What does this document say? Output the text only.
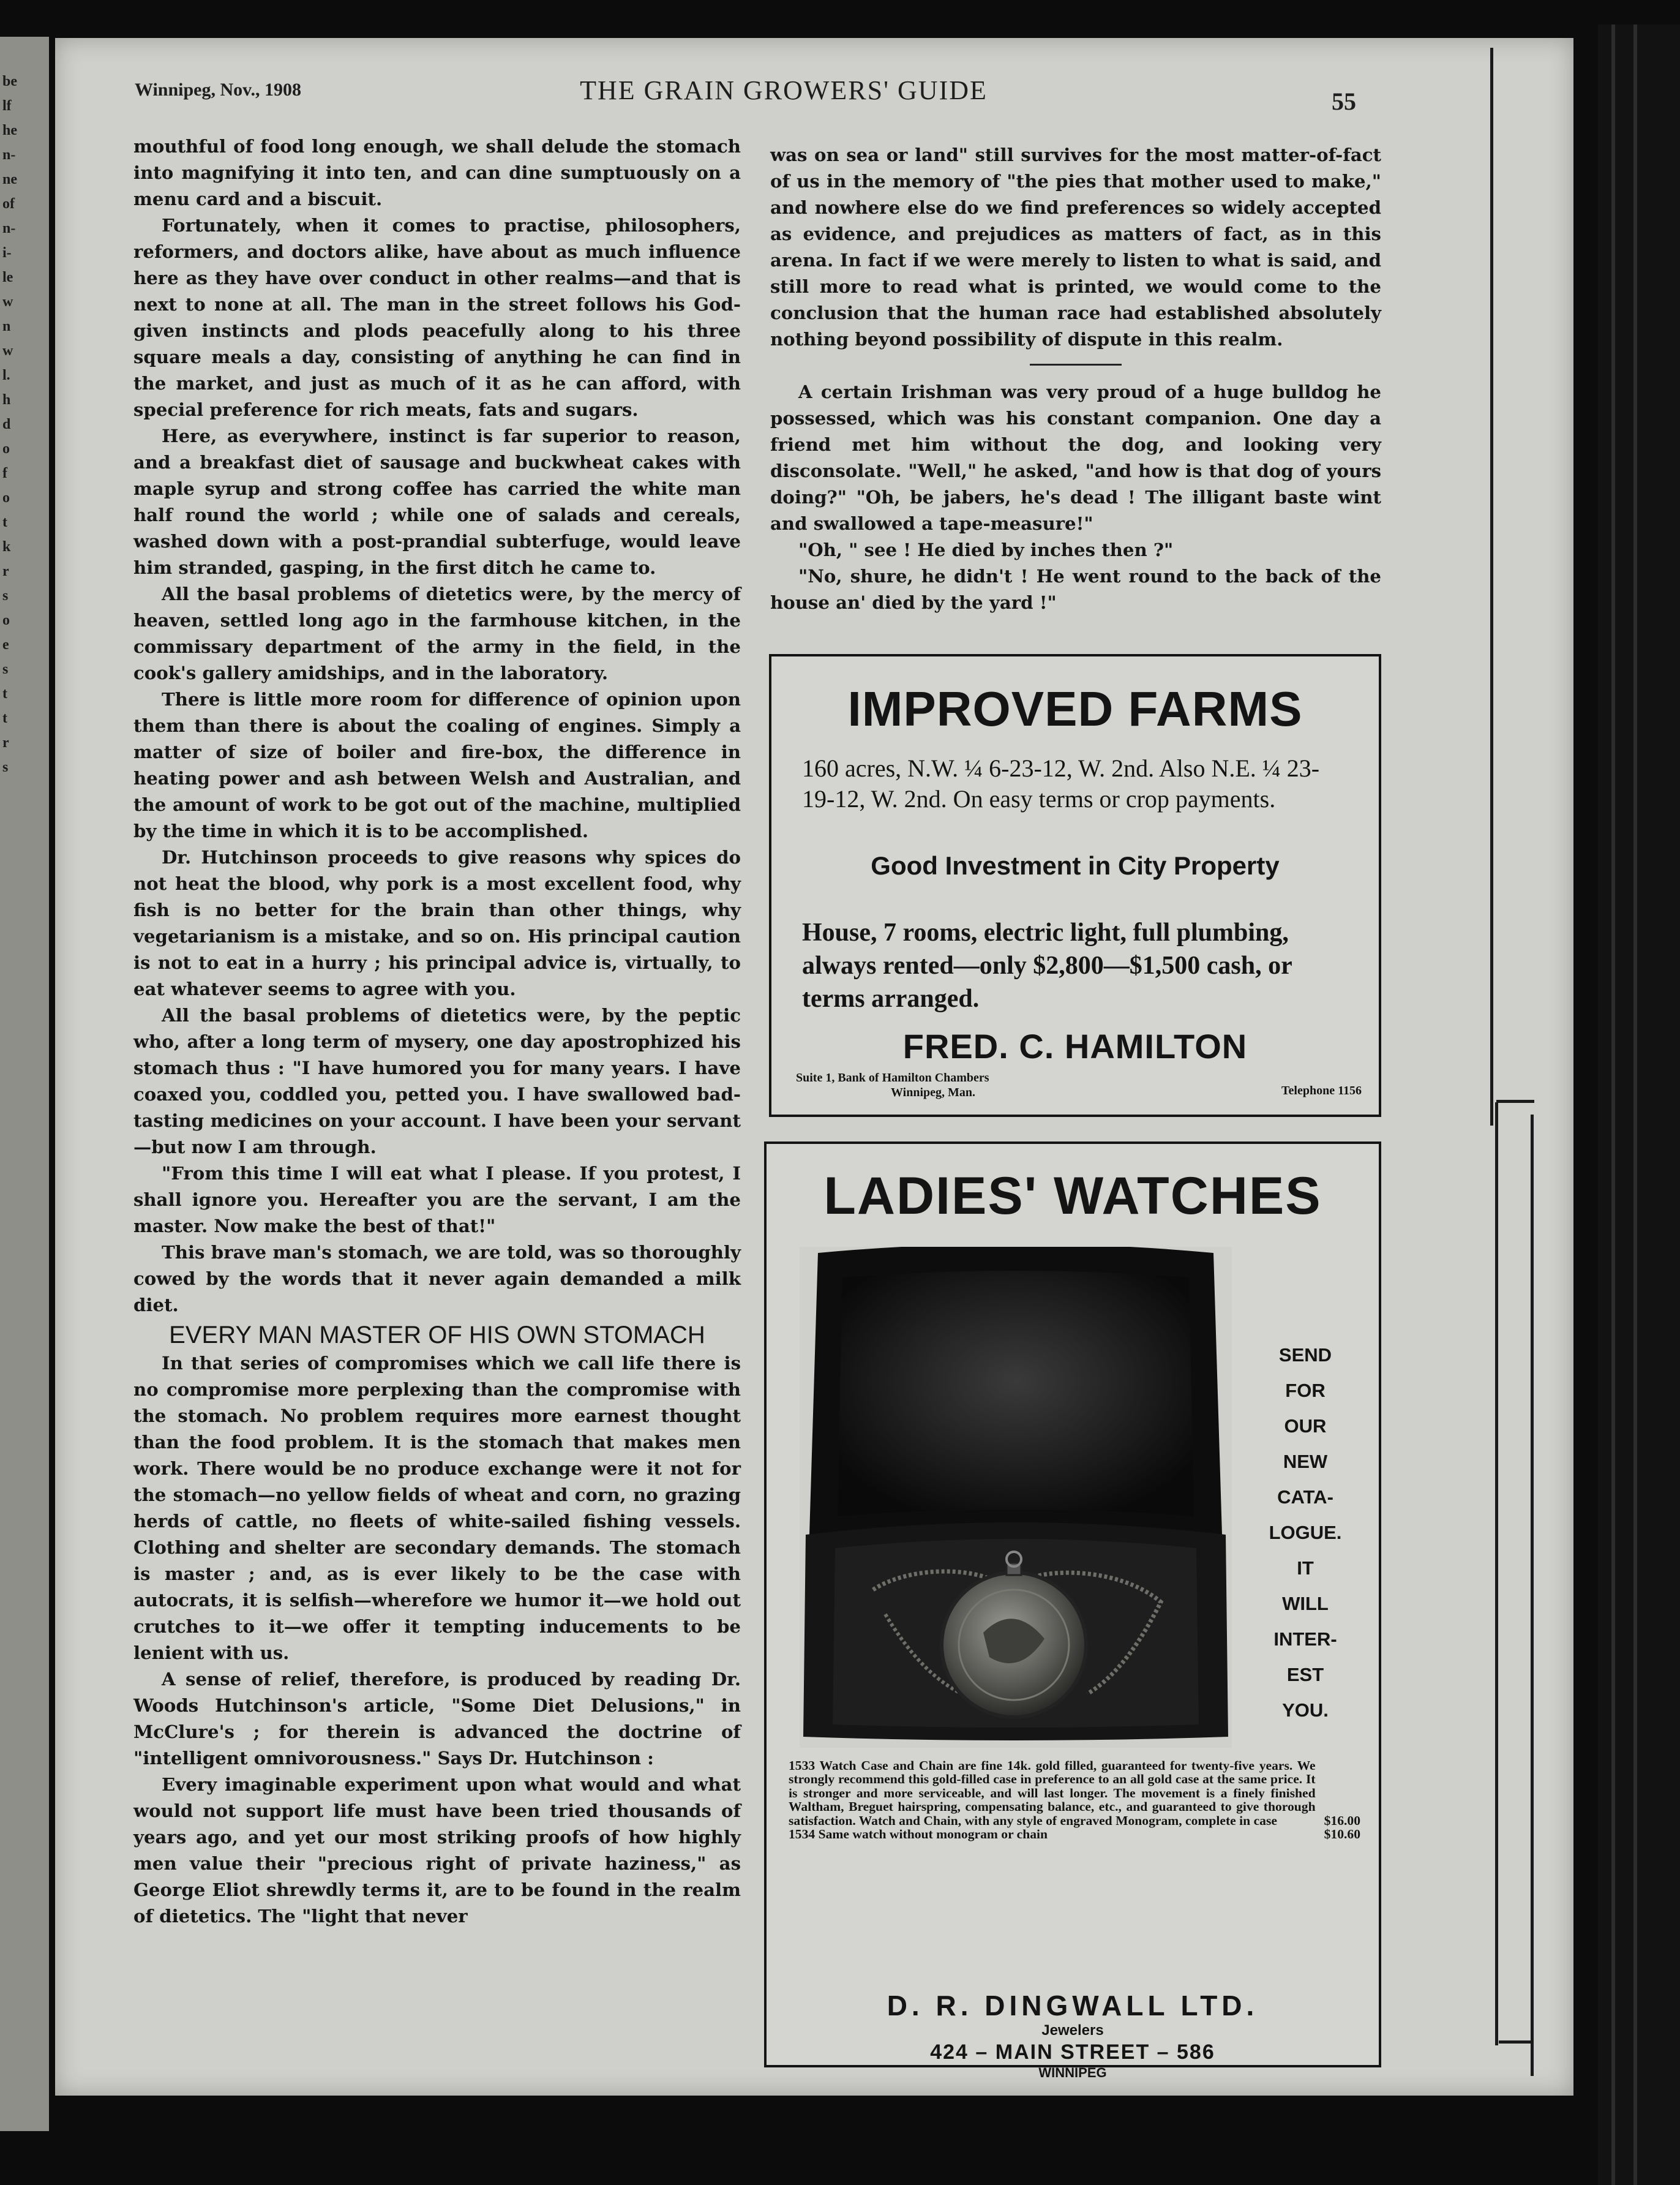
be
lf
he
n-
ne
of
n-
i-
le
w
n
w
l.
h
d
o
f
o
t
k
r
s
o
e
s
t
t
r
s
Winnipeg, Nov., 1908	THE GRAIN GROWERS' GUIDE	55

mouthful of food long enough, we shall delude the stomach into magnifying it into ten, and can dine sumptuously on a menu card and a biscuit.

Fortunately, when it comes to practise, philosophers, reformers, and doctors alike, have about as much influence here as they have over conduct in other realms—and that is next to none at all. The man in the street follows his God-given instincts and plods peacefully along to his three square meals a day, consisting of anything he can find in the market, and just as much of it as he can afford, with special preference for rich meats, fats and sugars.

Here, as everywhere, instinct is far superior to reason, and a breakfast diet of sausage and buckwheat cakes with maple syrup and strong coffee has carried the white man half round the world ; while one of salads and cereals, washed down with a post-prandial subterfuge, would leave him stranded, gasping, in the first ditch he came to.

All the basal problems of dietetics were, by the mercy of heaven, settled long ago in the farmhouse kitchen, in the commissary department of the army in the field, in the cook's gallery amidships, and in the laboratory.

There is little more room for difference of opinion upon them than there is about the coaling of engines. Simply a matter of size of boiler and fire-box, the difference in heating power and ash between Welsh and Australian, and the amount of work to be got out of the machine, multiplied by the time in which it is to be accomplished.

Dr. Hutchinson proceeds to give reasons why spices do not heat the blood, why pork is a most excellent food, why fish is no better for the brain than other things, why vegetarianism is a mistake, and so on. His principal caution is not to eat in a hurry ; his principal advice is, virtually, to eat whatever seems to agree with you.

All the basal problems of dietetics were, by the peptic who, after a long term of mysery, one day apostrophized his stomach thus : "I have humored you for many years. I have coaxed you, coddled you, petted you. I have swallowed bad-tasting medicines on your account. I have been your servant—but now I am through.

"From this time I will eat what I please. If you protest, I shall ignore you. Hereafter you are the servant, I am the master. Now make the best of that!"

This brave man's stomach, we are told, was so thoroughly cowed by the words that it never again demanded a milk diet.

EVERY MAN MASTER OF HIS OWN STOMACH

In that series of compromises which we call life there is no compromise more perplexing than the compromise with the stomach. No problem requires more earnest thought than the food problem. It is the stomach that makes men work. There would be no produce exchange were it not for the stomach—no yellow fields of wheat and corn, no grazing herds of cattle, no fleets of white-sailed fishing vessels. Clothing and shelter are secondary demands. The stomach is master ; and, as is ever likely to be the case with autocrats, it is selfish—wherefore we humor it—we hold out crutches to it—we offer it tempting inducements to be lenient with us.

A sense of relief, therefore, is produced by reading Dr. Woods Hutchinson's article, "Some Diet Delusions," in McClure's ; for therein is advanced the doctrine of "intelligent omnivorousness." Says Dr. Hutchinson :

Every imaginable experiment upon what would and what would not support life must have been tried thousands of years ago, and yet our most striking proofs of how highly men value their "precious right of private haziness," as George Eliot shrewdly terms it, are to be found in the realm of dietetics. The "light that never

was on sea or land" still survives for the most matter-of-fact of us in the memory of "the pies that mother used to make," and nowhere else do we find preferences so widely accepted as evidence, and prejudices as matters of fact, as in this arena. In fact if we were merely to listen to what is said, and still more to read what is printed, we would come to the conclusion that the human race had established absolutely nothing beyond possibility of dispute in this realm.

A certain Irishman was very proud of a huge bulldog he possessed, which was his constant companion. One day a friend met him without the dog, and looking very disconsolate. "Well," he asked, "and how is that dog of yours doing?" "Oh, be jabers, he's dead ! The illigant baste wint and swallowed a tape-measure!"

"Oh, " see ! He died by inches then ?"

"No, shure, he didn't ! He went round to the back of the house an' died by the yard !"

IMPROVED FARMS
160 acres, N.W. ¼ 6-23-12, W. 2nd. Also N.E. ¼ 23-19-12, W. 2nd. On easy terms or crop payments.
Good Investment in City Property
House, 7 rooms, electric light, full plumbing, always rented—only $2,800—$1,500 cash, or terms arranged.
FRED. C. HAMILTON
Suite 1, Bank of Hamilton Chambers
Winnipeg, Man.	Telephone 1156
LADIES' WATCHES
SEND
FOR
OUR
NEW
CATA-
LOGUE.
IT
WILL
INTER-
EST
YOU.
1533 Watch Case and Chain are fine 14k. gold filled, guaranteed for twenty-five years. We strongly recommend this gold-filled case in preference to an all gold case at the same price. It is stronger and more serviceable, and will last longer. The movement is a finely finished Waltham, Breguet hairspring, compensating balance, etc., and guaranteed to give thorough satisfaction. Watch and Chain, with any style of engraved Monogram, complete in case	$16.00
1534 Same watch without monogram or chain	$10.60
D. R. DINGWALL LTD.
Jewelers
424 – MAIN STREET – 586
WINNIPEG
